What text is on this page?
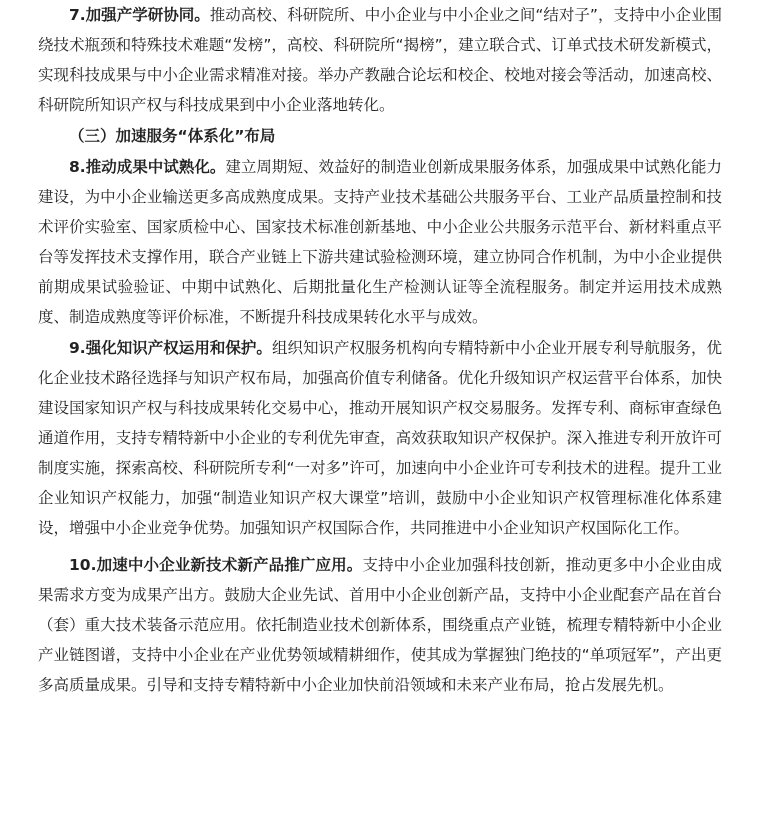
7.加强产学研协同。推动高校、科研院所、中小企业与中小企业之间“结对子”，支持中小企业围绕技术瓶颈和特殊技术难题“发榜”，高校、科研院所“揭榜”，建立联合式、订单式技术研发新模式，实现科技成果与中小企业需求精准对接。举办产教融合论坛和校企、校地对接会等活动，加速高校、科研院所知识产权与科技成果到中小企业落地转化。

（三）加速服务“体系化”布局

8.推动成果中试熟化。建立周期短、效益好的制造业创新成果服务体系，加强成果中试熟化能力建设，为中小企业输送更多高成熟度成果。支持产业技术基础公共服务平台、工业产品质量控制和技术评价实验室、国家质检中心、国家技术标准创新基地、中小企业公共服务示范平台、新材料重点平台等发挥技术支撑作用，联合产业链上下游共建试验检测环境，建立协同合作机制，为中小企业提供前期成果试验验证、中期中试熟化、后期批量化生产检测认证等全流程服务。制定并运用技术成熟度、制造成熟度等评价标准，不断提升科技成果转化水平与成效。

9.强化知识产权运用和保护。组织知识产权服务机构向专精特新中小企业开展专利导航服务，优化企业技术路径选择与知识产权布局，加强高价值专利储备。优化升级知识产权运营平台体系，加快建设国家知识产权与科技成果转化交易中心，推动开展知识产权交易服务。发挥专利、商标审查绿色通道作用，支持专精特新中小企业的专利优先审查，高效获取知识产权保护。深入推进专利开放许可制度实施，探索高校、科研院所专利“一对多”许可，加速向中小企业许可专利技术的进程。提升工业企业知识产权能力，加强“制造业知识产权大课堂”培训，鼓励中小企业知识产权管理标准化体系建设，增强中小企业竞争优势。加强知识产权国际合作，共同推进中小企业知识产权国际化工作。

10.加速中小企业新技术新产品推广应用。支持中小企业加强科技创新，推动更多中小企业由成果需求方变为成果产出方。鼓励大企业先试、首用中小企业创新产品，支持中小企业配套产品在首台（套）重大技术装备示范应用。依托制造业技术创新体系，围绕重点产业链，梳理专精特新中小企业产业链图谱，支持中小企业在产业优势领域精耕细作，使其成为掌握独门绝技的“单项冠军”，产出更多高质量成果。引导和支持专精特新中小企业加快前沿领域和未来产业布局，抢占发展先机。
